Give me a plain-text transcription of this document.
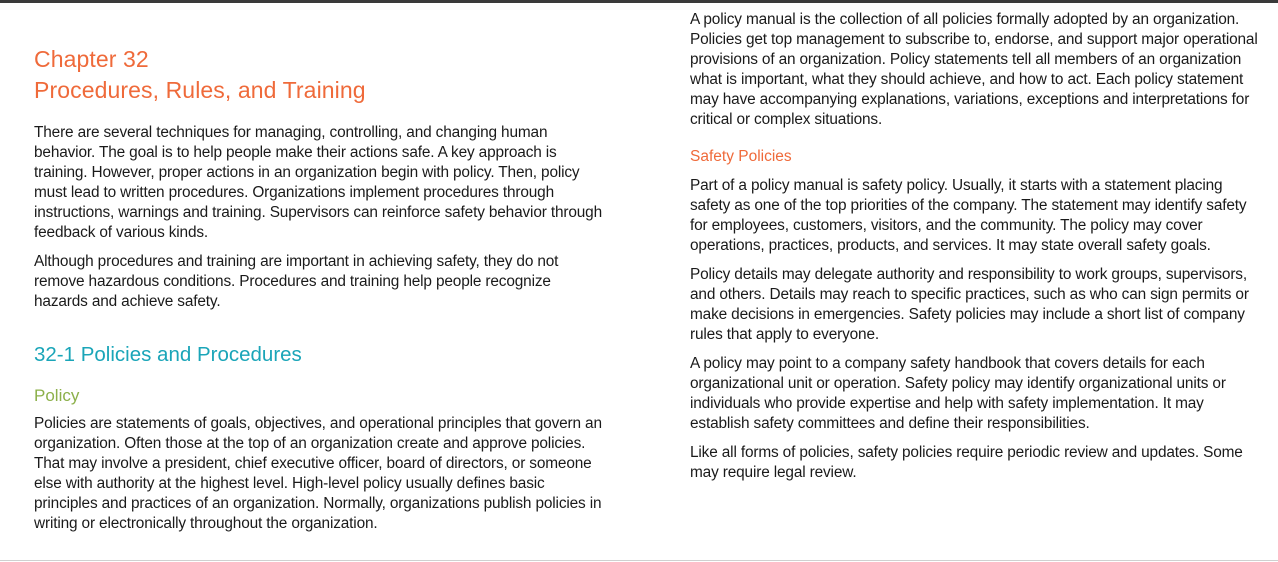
Chapter 32
Procedures, Rules, and Training

There are several techniques for managing, controlling, and changing human behavior. The goal is to help people make their actions safe. A key approach is training. However, proper actions in an organization begin with policy. Then, policy must lead to written procedures. Organizations implement procedures through instructions, warnings and training. Supervisors can reinforce safety behavior through feedback of various kinds.

Although procedures and training are important in achieving safety, they do not remove hazardous conditions. Procedures and training help people recognize hazards and achieve safety.

32-1 Policies and Procedures
Policy

Policies are statements of goals, objectives, and operational principles that govern an organization. Often those at the top of an organization create and approve policies. That may involve a president, chief executive officer, board of directors, or someone else with authority at the highest level. High-level policy usually defines basic principles and practices of an organization. Normally, organizations publish policies in writing or electronically throughout the organization.

A policy manual is the collection of all policies formally adopted by an organization. Policies get top management to subscribe to, endorse, and support major operational provisions of an organization. Policy statements tell all members of an organization what is important, what they should achieve, and how to act. Each policy statement may have accompanying explanations, variations, exceptions and interpretations for critical or complex situations.

Safety Policies

Part of a policy manual is safety policy. Usually, it starts with a statement placing safety as one of the top priorities of the company. The statement may identify safety for employees, customers, visitors, and the community. The policy may cover operations, practices, products, and services. It may state overall safety goals.

Policy details may delegate authority and responsibility to work groups, supervisors, and others. Details may reach to specific practices, such as who can sign permits or make decisions in emergencies. Safety policies may include a short list of company rules that apply to everyone.

A policy may point to a company safety handbook that covers details for each organizational unit or operation. Safety policy may identify organizational units or individuals who provide expertise and help with safety implementation. It may establish safety committees and define their responsibilities.

Like all forms of policies, safety policies require periodic review and updates. Some may require legal review.
